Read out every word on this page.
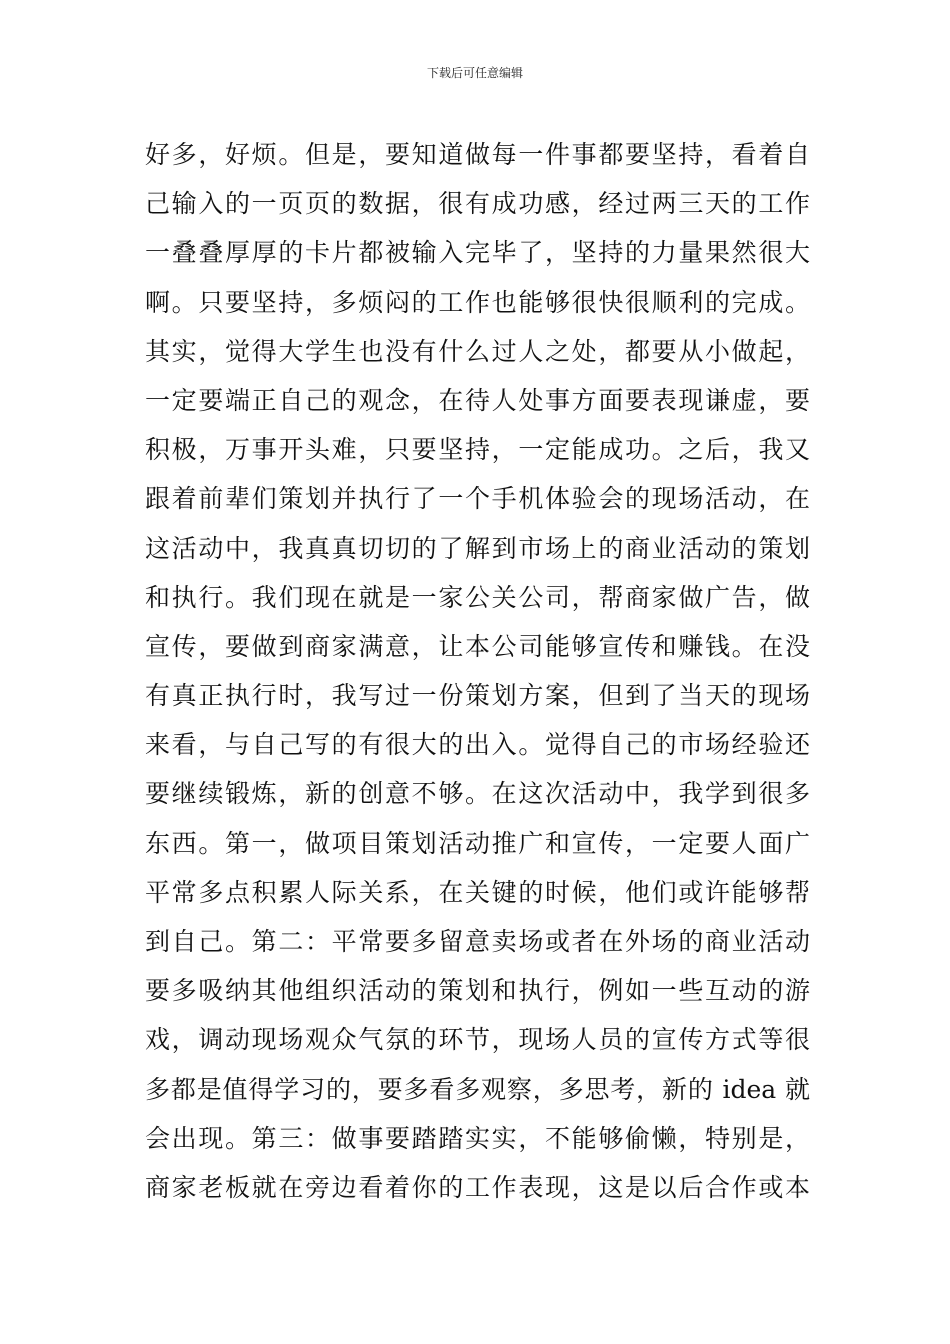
下载后可任意编辑
好多，好烦。但是，要知道做每一件事都要坚持，看着自
己输入的一页页的数据，很有成功感，经过两三天的工作
一叠叠厚厚的卡片都被输入完毕了，坚持的力量果然很大
啊。只要坚持，多烦闷的工作也能够很快很顺利的完成。
其实，觉得大学生也没有什么过人之处，都要从小做起，
一定要端正自己的观念，在待人处事方面要表现谦虚，要
积极，万事开头难，只要坚持，一定能成功。之后，我又
跟着前辈们策划并执行了一个手机体验会的现场活动，在
这活动中，我真真切切的了解到市场上的商业活动的策划
和执行。我们现在就是一家公关公司，帮商家做广告，做
宣传，要做到商家满意，让本公司能够宣传和赚钱。在没
有真正执行时，我写过一份策划方案，但到了当天的现场
来看，与自己写的有很大的出入。觉得自己的市场经验还
要继续锻炼，新的创意不够。在这次活动中，我学到很多
东西。第一，做项目策划活动推广和宣传，一定要人面广
平常多点积累人际关系，在关键的时候，他们或许能够帮
到自己。第二：平常要多留意卖场或者在外场的商业活动
要多吸纳其他组织活动的策划和执行，例如一些互动的游
戏，调动现场观众气氛的环节，现场人员的宣传方式等很
多都是值得学习的，要多看多观察，多思考，新的 idea 就
会出现。第三：做事要踏踏实实，不能够偷懒，特别是，
商家老板就在旁边看着你的工作表现，这是以后合作或本
